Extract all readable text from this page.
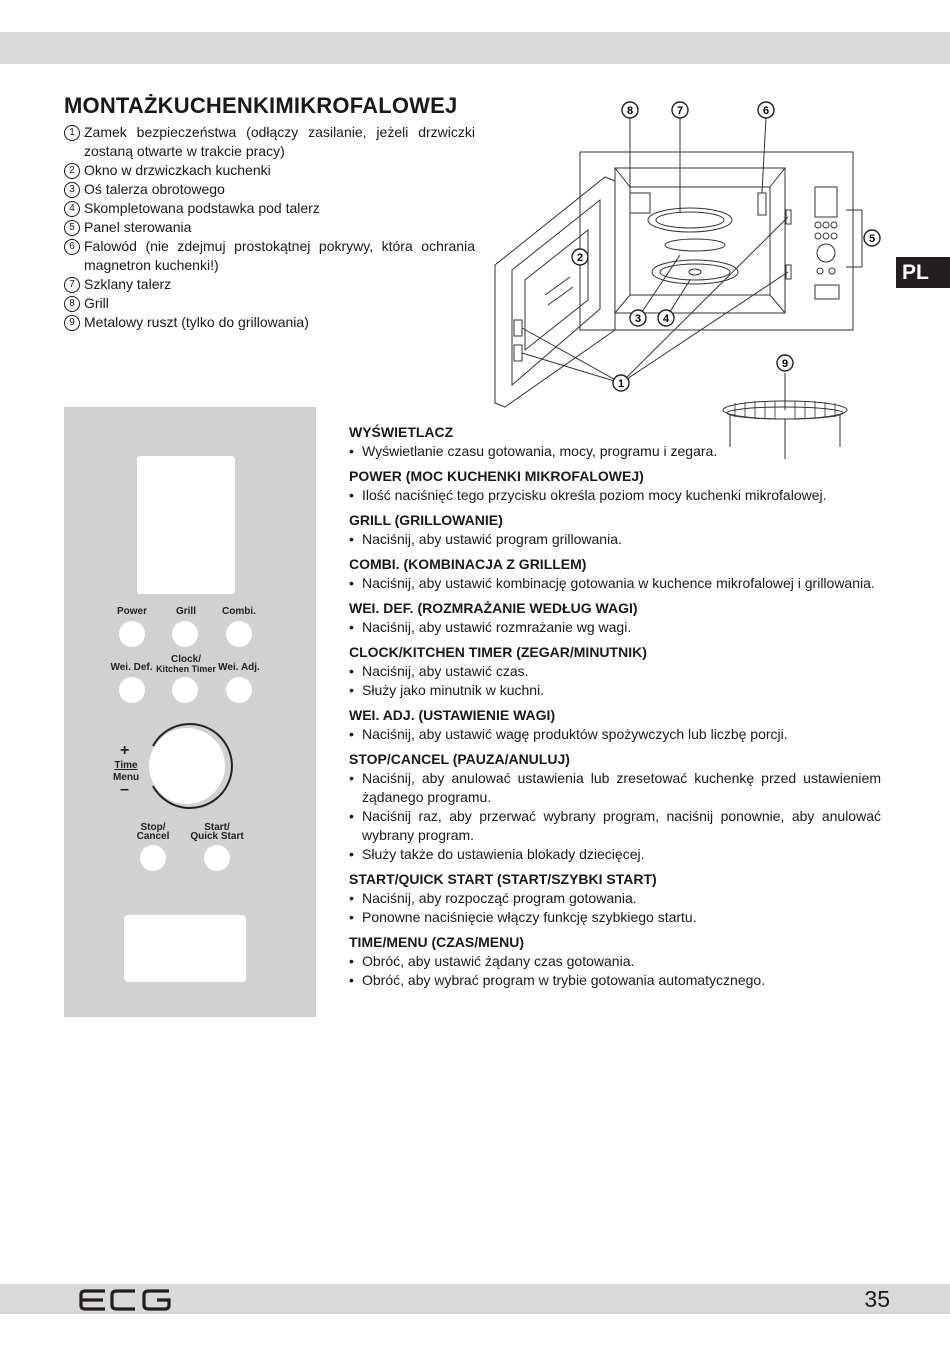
PL
MONTAŻKUCHENKIMIKROFALOWEJ
1 Zamek bezpieczeństwa (odłączy zasilanie, jeżeli drzwiczki zostaną otwarte w trakcie pracy)
2 Okno w drzwiczkach kuchenki
3 Oś talerza obrotowego
4 Skompletowana podstawka pod talerz
5 Panel sterowania
6 Falowód (nie zdejmuj prostokątnej pokrywy, która ochrania magnetron kuchenki!)
7 Szklany talerz
8 Grill
9 Metalowy ruszt (tylko do grillowania)
8	7	6
5
2
3 4
1
9
Power	Grill	Combi.
Clock/
Wei. Def. Kitchen Timer Wei. Adj.
+
Time
Menu
–
Stop/
Cancel
Start/
Quick Start
WYŚWIETLACZ
• Wyświetlanie czasu gotowania, mocy, programu i zegara.
POWER (MOC KUCHENKI MIKROFALOWEJ)
• Ilość naciśnięć tego przycisku określa poziom mocy kuchenki mikrofalowej.
GRILL (GRILLOWANIE)
• Naciśnij, aby ustawić program grillowania.
COMBI. (KOMBINACJA Z GRILLEM)
• Naciśnij, aby ustawić kombinację gotowania w kuchence mikrofalowej i grillowania.
WEI. DEF. (ROZMRAŻANIE WEDŁUG WAGI)
• Naciśnij, aby ustawić rozmrażanie wg wagi.
CLOCK/KITCHEN TIMER (ZEGAR/MINUTNIK)
• Naciśnij, aby ustawić czas.
• Służy jako minutnik w kuchni.
WEI. ADJ. (USTAWIENIE WAGI)
• Naciśnij, aby ustawić wagę produktów spożywczych lub liczbę porcji.
STOP/CANCEL (PAUZA/ANULUJ)
• Naciśnij, aby anulować ustawienia lub zresetować kuchenkę przed ustawieniem żądanego programu.
• Naciśnij raz, aby przerwać wybrany program, naciśnij ponownie, aby anulować wybrany program.
• Służy także do ustawienia blokady dziecięcej.
START/QUICK START (START/SZYBKI START)
• Naciśnij, aby rozpocząć program gotowania.
• Ponowne naciśnięcie włączy funkcję szybkiego startu.
TIME/MENU (CZAS/MENU)
• Obróć, aby ustawić żądany czas gotowania.
• Obróć, aby wybrać program w trybie gotowania automatycznego.
35
